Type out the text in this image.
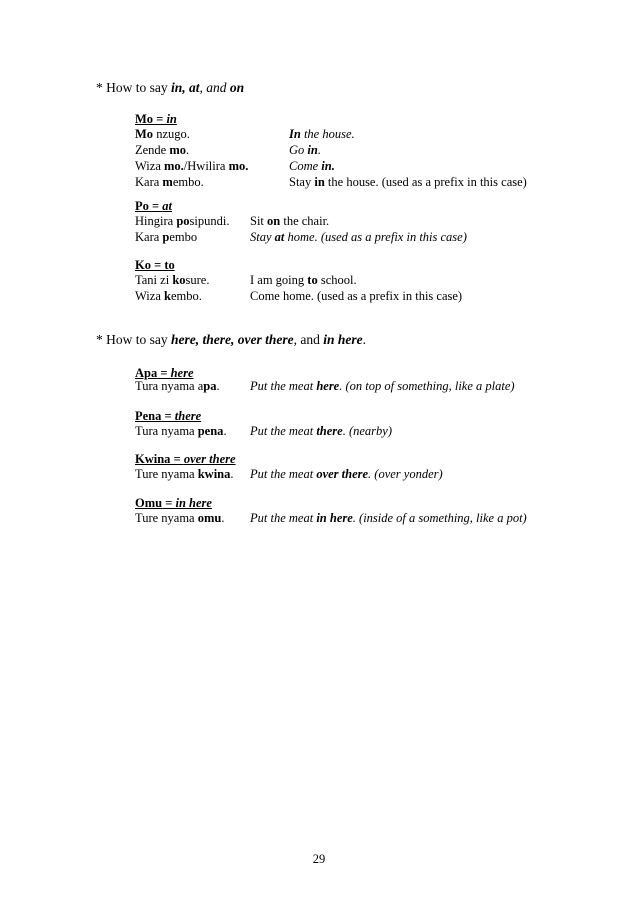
* How to say in, at, and on
Mo = in
Mo nzugo.	In the house.
Zende mo.	Go in.
Wiza mo./Hwilira mo.	Come in.
Kara membo.	Stay in the house. (used as a prefix in this case)
Po = at
Hingira posipundi. Sit on the chair.
Kara pembo	Stay at home. (used as a prefix in this case)
Ko = to
Tani zi kosure.	I am going to school.
Wiza kembo.	Come home. (used as a prefix in this case)
* How to say here, there, over there, and in here.
Apa = here
Tura nyama apa. Put the meat here. (on top of something, like a plate)
Pena = there
Tura nyama pena. Put the meat there. (nearby)
Kwina = over there
Ture nyama kwina. Put the meat over there. (over yonder)
Omu = in here
Ture nyama omu. Put the meat in here. (inside of a something, like a pot)
29
